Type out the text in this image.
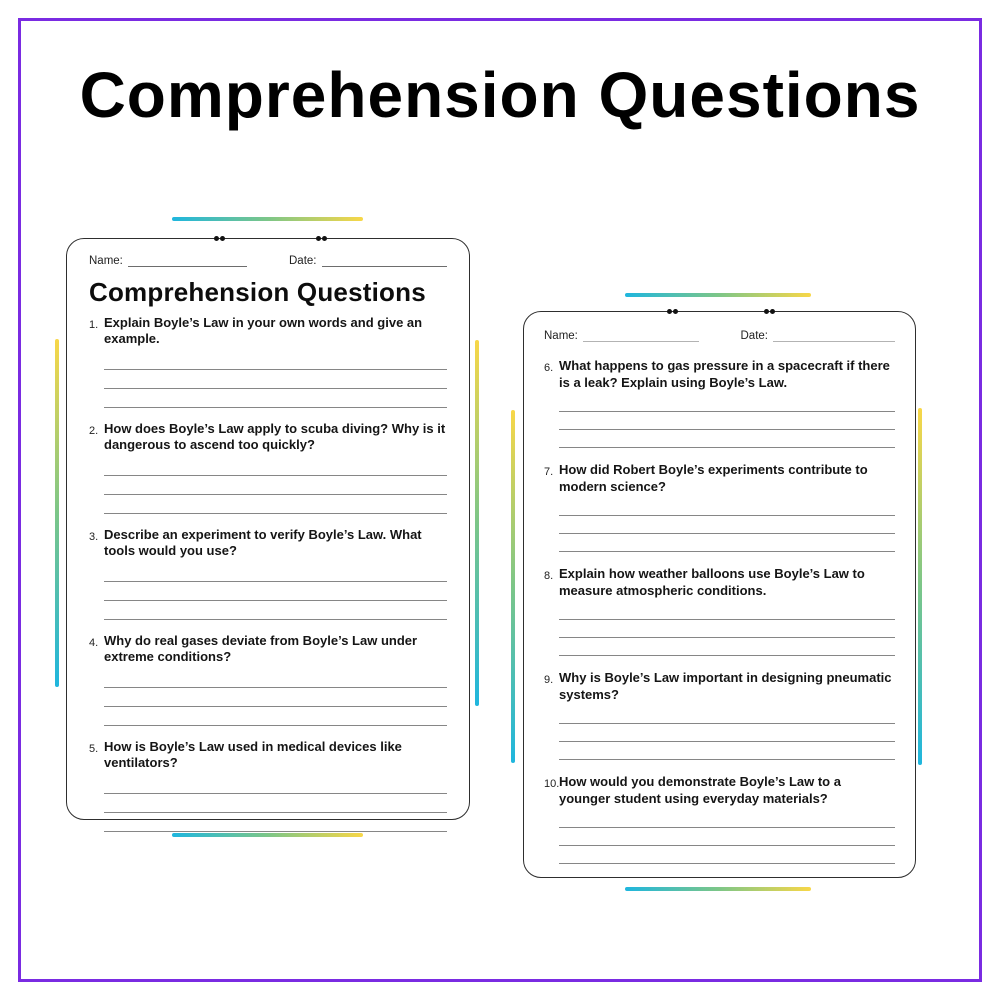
Comprehension Questions
Name:	Date:
Comprehension Questions
1. Explain Boyle’s Law in your own words and give an example.

2. How does Boyle’s Law apply to scuba diving? Why is it dangerous to ascend too quickly?

3. Describe an experiment to verify Boyle’s Law. What tools would you use?

4. Why do real gases deviate from Boyle’s Law under extreme conditions?

5. How is Boyle’s Law used in medical devices like ventilators?

Name:	Date:
6. What happens to gas pressure in a spacecraft if there is a leak? Explain using Boyle’s Law.

7. How did Robert Boyle’s experiments contribute to modern science?

8. Explain how weather balloons use Boyle’s Law to measure atmospheric conditions.

9. Why is Boyle’s Law important in designing pneumatic systems?

10. How would you demonstrate Boyle’s Law to a younger student using everyday materials?
